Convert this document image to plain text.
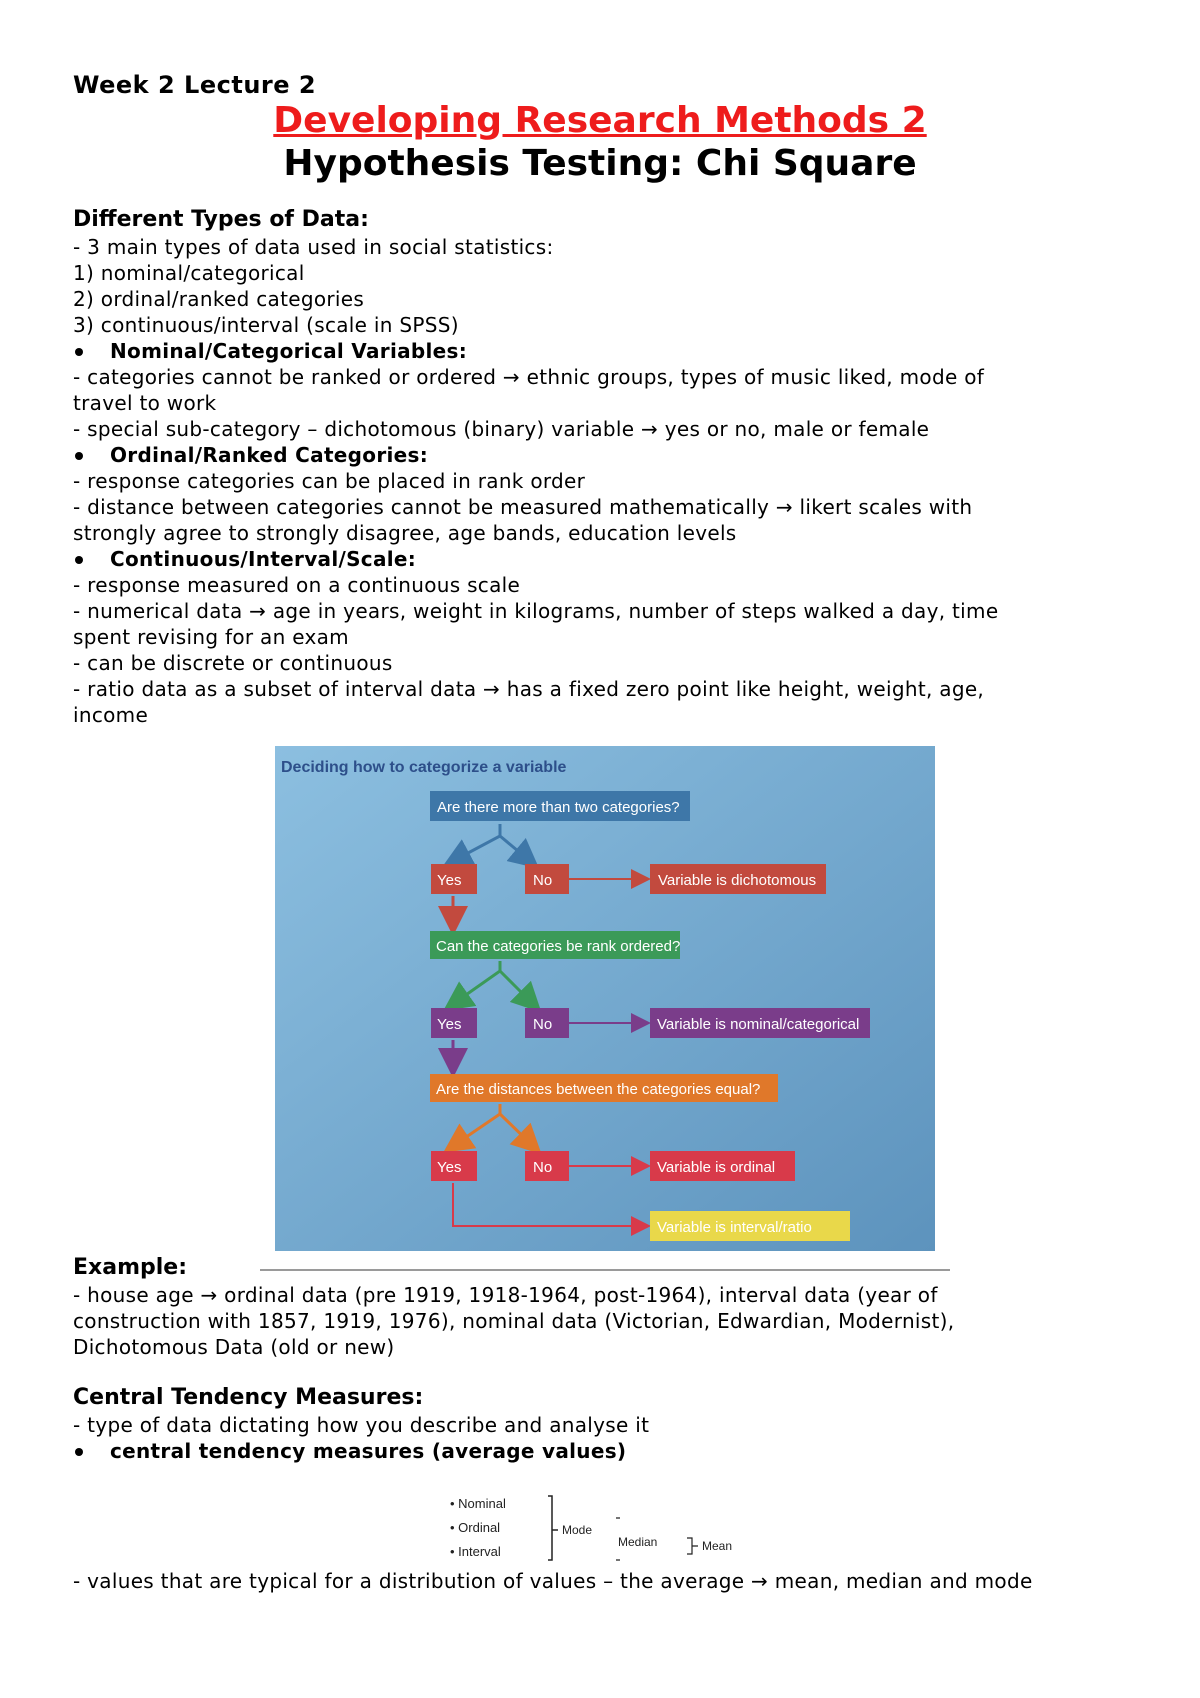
Week 2 Lecture 2
Developing Research Methods 2
Hypothesis Testing: Chi Square
Different Types of Data:
- 3 main types of data used in social statistics:
1) nominal/categorical
2) ordinal/ranked categories
3) continuous/interval (scale in SPSS)
Nominal/Categorical Variables:
- categories cannot be ranked or ordered → ethnic groups, types of music liked, mode of
travel to work
- special sub-category – dichotomous (binary) variable → yes or no, male or female
Ordinal/Ranked Categories:
- response categories can be placed in rank order
- distance between categories cannot be measured mathematically → likert scales with
strongly agree to strongly disagree, age bands, education levels
Continuous/Interval/Scale:
- response measured on a continuous scale
- numerical data → age in years, weight in kilograms, number of steps walked a day, time
spent revising for an exam
- can be discrete or continuous
- ratio data as a subset of interval data → has a fixed zero point like height, weight, age,
income
Deciding how to categorize a variable
Are there more than two categories?
Yes	No	Variable is dichotomous
Can the categories be rank ordered?
Yes	No	Variable is nominal/categorical
Are the distances between the categories equal?
Yes	No	Variable is ordinal
Variable is interval/ratio
Example:
- house age → ordinal data (pre 1919, 1918-1964, post-1964), interval data (year of
construction with 1857, 1919, 1976), nominal data (Victorian, Edwardian, Modernist),
Dichotomous Data (old or new)
Central Tendency Measures:
- type of data dictating how you describe and analyse it
central tendency measures (average values)
• Nominal
• Ordinal
• Interval
Mode
Median	Mean
- values that are typical for a distribution of values – the average → mean, median and mode
